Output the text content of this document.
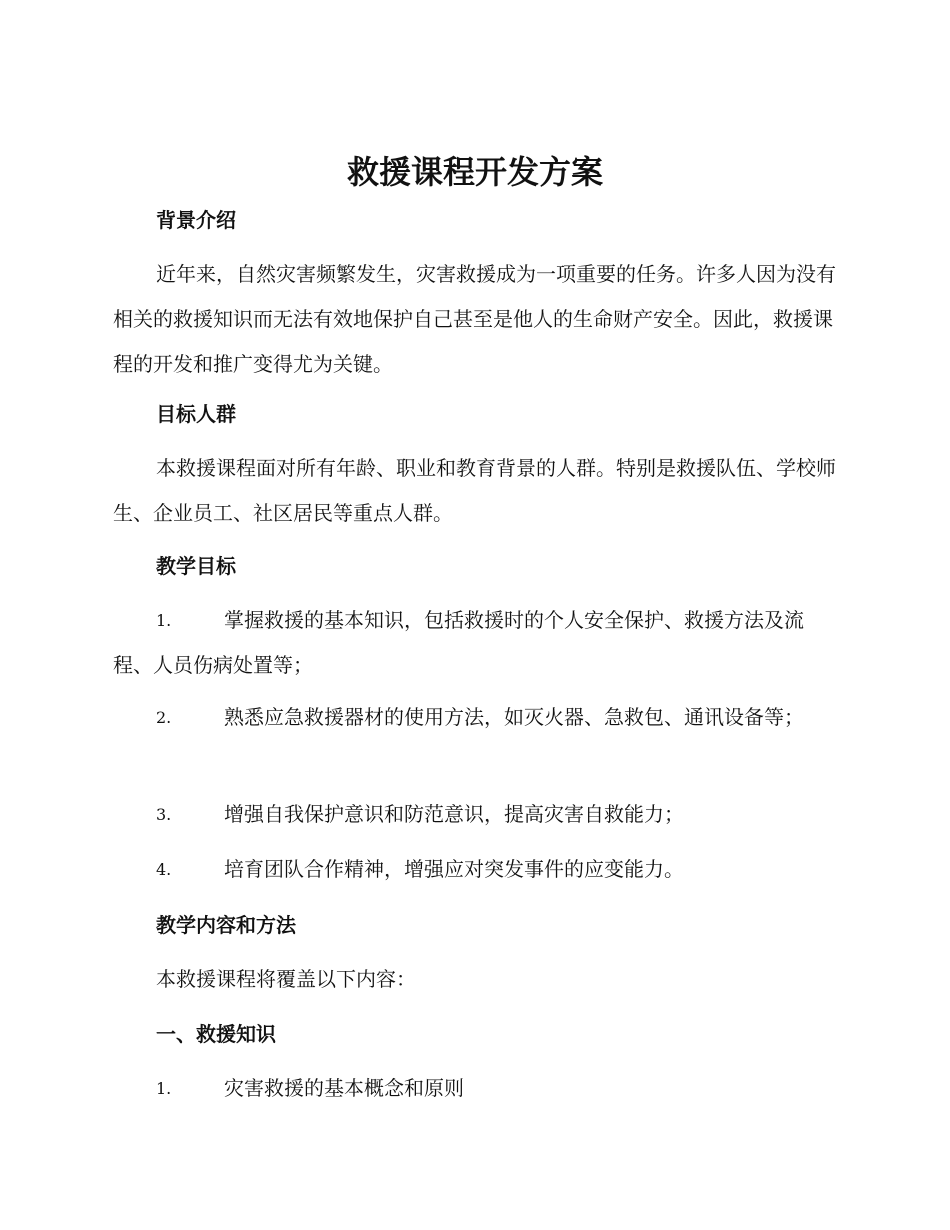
救援课程开发方案
背景介绍

近年来，自然灾害频繁发生，灾害救援成为一项重要的任务。许多人因为没有相关的救援知识而无法有效地保护自己甚至是他人的生命财产安全。因此，救援课程的开发和推广变得尤为关键。

目标人群

本救援课程面对所有年龄、职业和教育背景的人群。特别是救援队伍、学校师生、企业员工、社区居民等重点人群。

教学目标
1.	掌握救援的基本知识，包括救援时的个人安全保护、救援方法及流程、人员伤病处置等；
2.	熟悉应急救援器材的使用方法，如灭火器、急救包、通讯设备等；
3.	增强自我保护意识和防范意识，提高灾害自救能力；
4.	培育团队合作精神，增强应对突发事件的应变能力。
教学内容和方法

本救援课程将覆盖以下内容：

一、救援知识
1.	灾害救援的基本概念和原则
